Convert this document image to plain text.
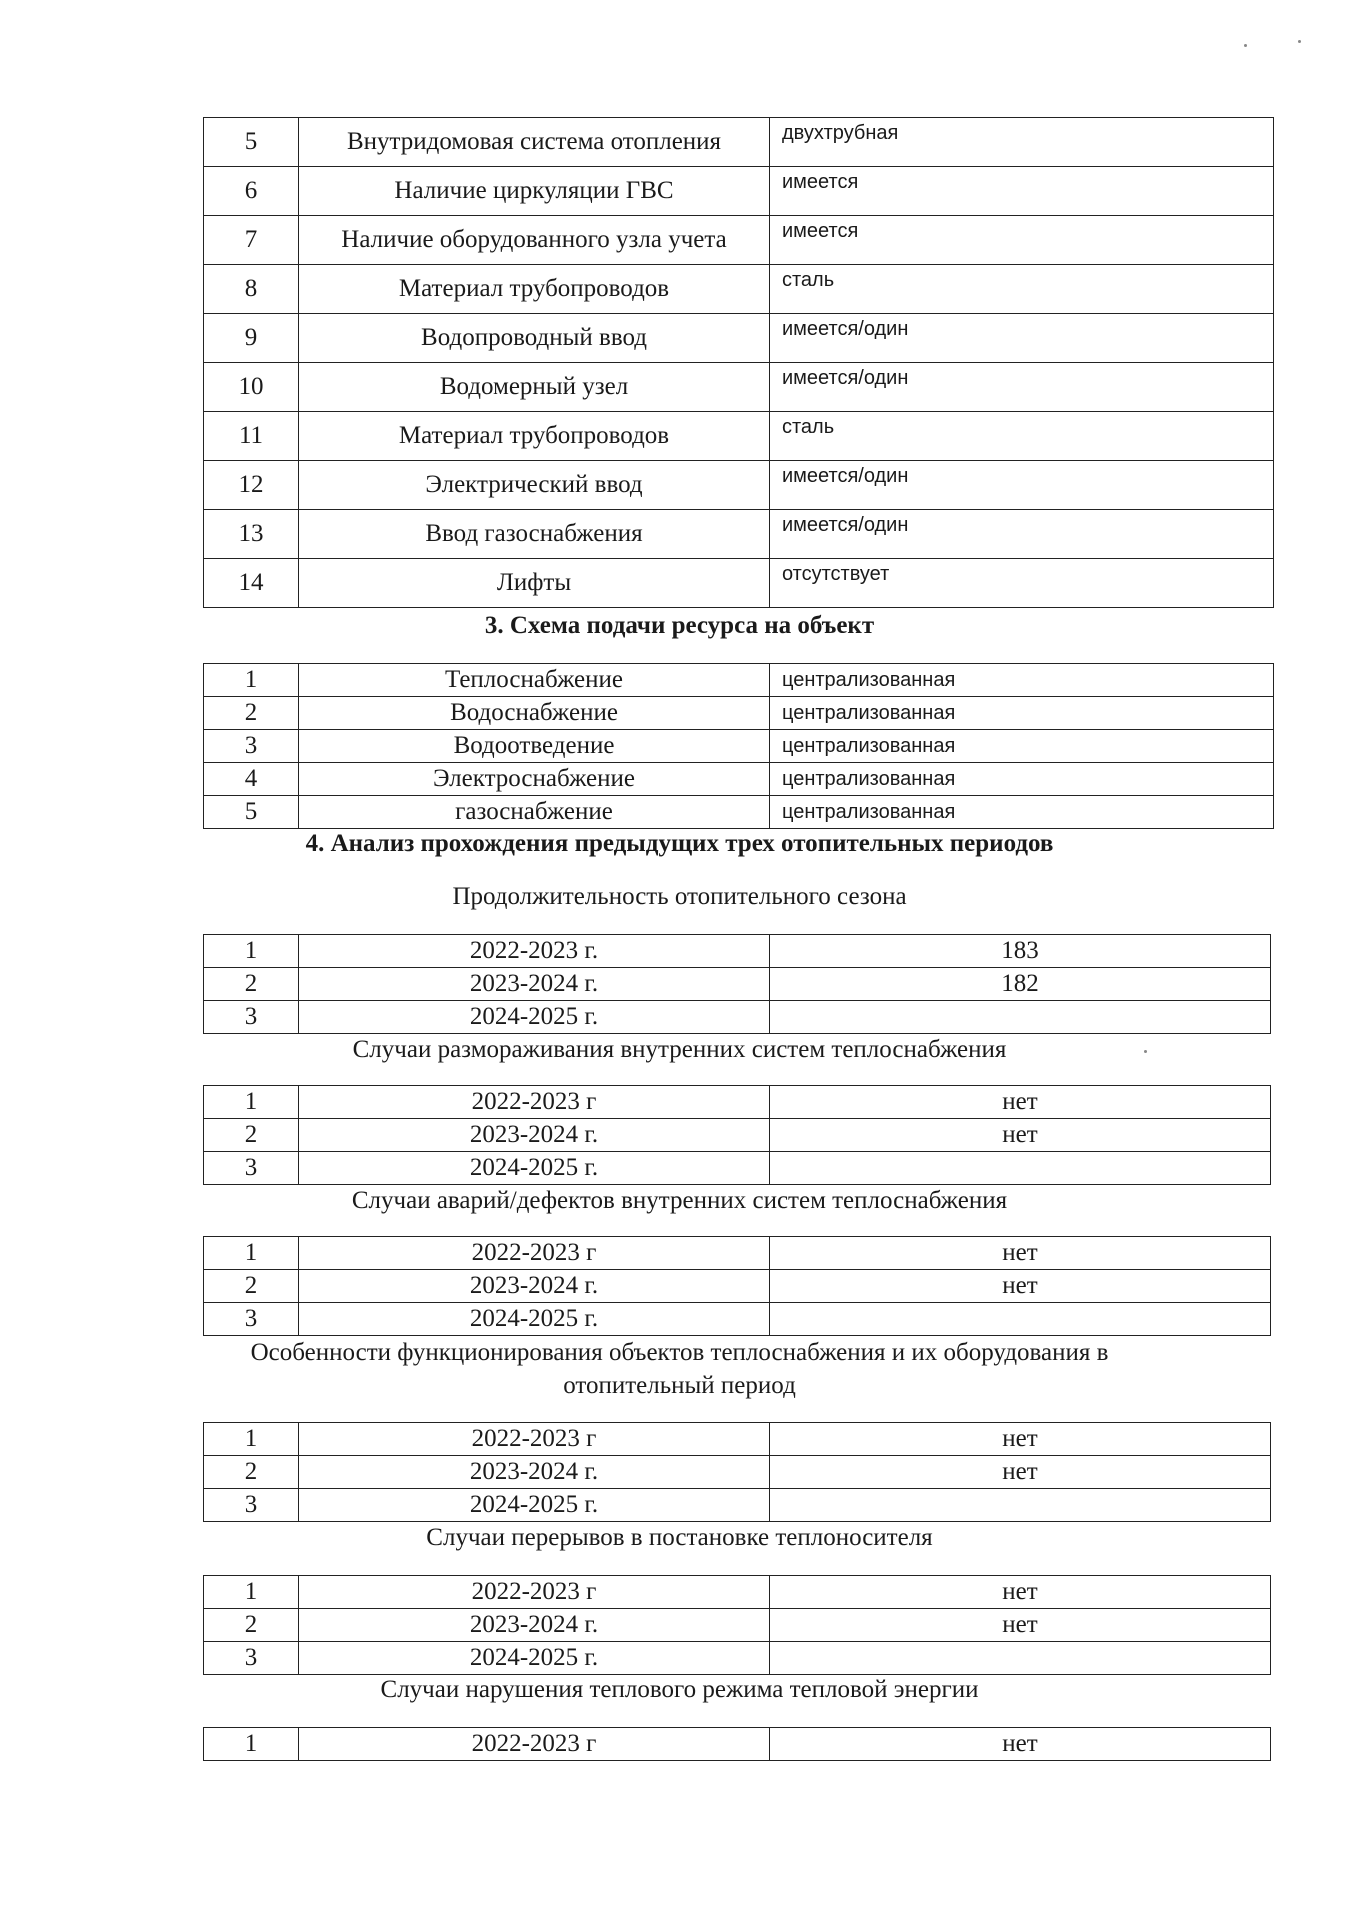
5	Внутридомовая система отопления	двухтрубная
6	Наличие циркуляции ГВС	имеется
7	Наличие оборудованного узла учета	имеется
8	Материал трубопроводов	сталь
9	Водопроводный ввод	имеется/один
10	Водомерный узел	имеется/один
11	Материал трубопроводов	сталь
12	Электрический ввод	имеется/один
13	Ввод газоснабжения	имеется/один
14	Лифты	отсутствует
3. Схема подачи ресурса на объект
1	Теплоснабжение	централизованная
2	Водоснабжение	централизованная
3	Водоотведение	централизованная
4	Электроснабжение	централизованная
5	газоснабжение	централизованная
4. Анализ прохождения предыдущих трех отопительных периодов
Продолжительность отопительного сезона
1	2022-2023 г.	183
2	2023-2024 г.	182
3	2024-2025 г.	
Случаи размораживания внутренних систем теплоснабжения
1	2022-2023 г	нет
2	2023-2024 г.	нет
3	2024-2025 г.	
Случаи аварий/дефектов внутренних систем теплоснабжения
1	2022-2023 г	нет
2	2023-2024 г.	нет
3	2024-2025 г.	
Особенности функционирования объектов теплоснабжения и их оборудования в
отопительный период
1	2022-2023 г	нет
2	2023-2024 г.	нет
3	2024-2025 г.	
Случаи перерывов в постановке теплоносителя
1	2022-2023 г	нет
2	2023-2024 г.	нет
3	2024-2025 г.	
Случаи нарушения теплового режима тепловой энергии
1	2022-2023 г	нет
